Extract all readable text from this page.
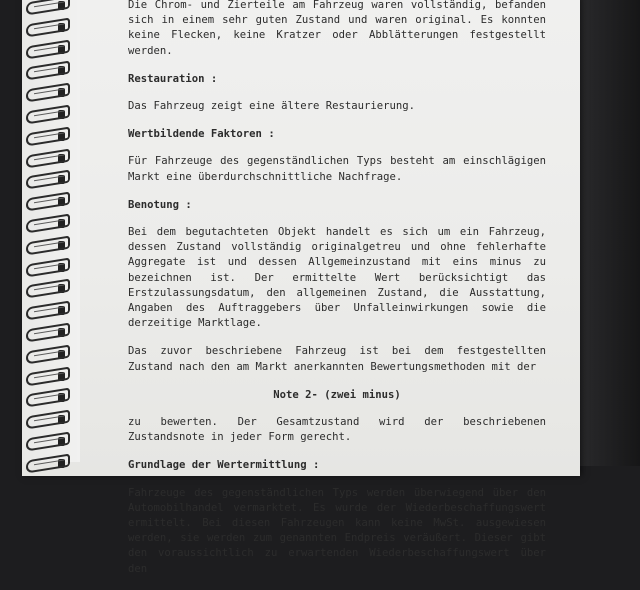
Die Chrom- und Zierteile am Fahrzeug waren vollständig, befanden sich in einem sehr guten Zustand und waren original. Es konnten keine Flecken, keine Kratzer oder Abblätterungen festgestellt werden.

Restauration :

Das Fahrzeug zeigt eine ältere Restaurierung.

Wertbildende Faktoren :

Für Fahrzeuge des gegenständlichen Typs besteht am einschlägigen Markt eine überdurchschnittliche Nachfrage.

Benotung :

Bei dem begutachteten Objekt handelt es sich um ein Fahrzeug, dessen Zustand vollständig originalgetreu und ohne fehlerhafte Aggregate ist und dessen Allgemeinzustand mit eins minus zu bezeichnen ist. Der ermittelte Wert berücksichtigt das Erstzulassungsdatum, den allgemeinen Zustand, die Ausstattung, Angaben des Auftraggebers über Unfalleinwirkungen sowie die derzeitige Marktlage.

Das zuvor beschriebene Fahrzeug ist bei dem festgestellten Zustand nach den am Markt anerkannten Bewertungsmethoden mit der

Note 2- (zwei minus)

zu bewerten. Der Gesamtzustand wird der beschriebenen Zustandsnote in jeder Form gerecht.

Grundlage der Wertermittlung :

Fahrzeuge des gegenständlichen Typs werden überwiegend über den Automobilhandel vermarktet. Es wurde der Wiederbeschaffungswert ermittelt. Bei diesen Fahrzeugen kann keine MwSt. ausgewiesen werden, sie werden zum genannten Endpreis veräußert. Dieser gibt den voraussichtlich zu erwartenden Wiederbeschaffungswert über den
